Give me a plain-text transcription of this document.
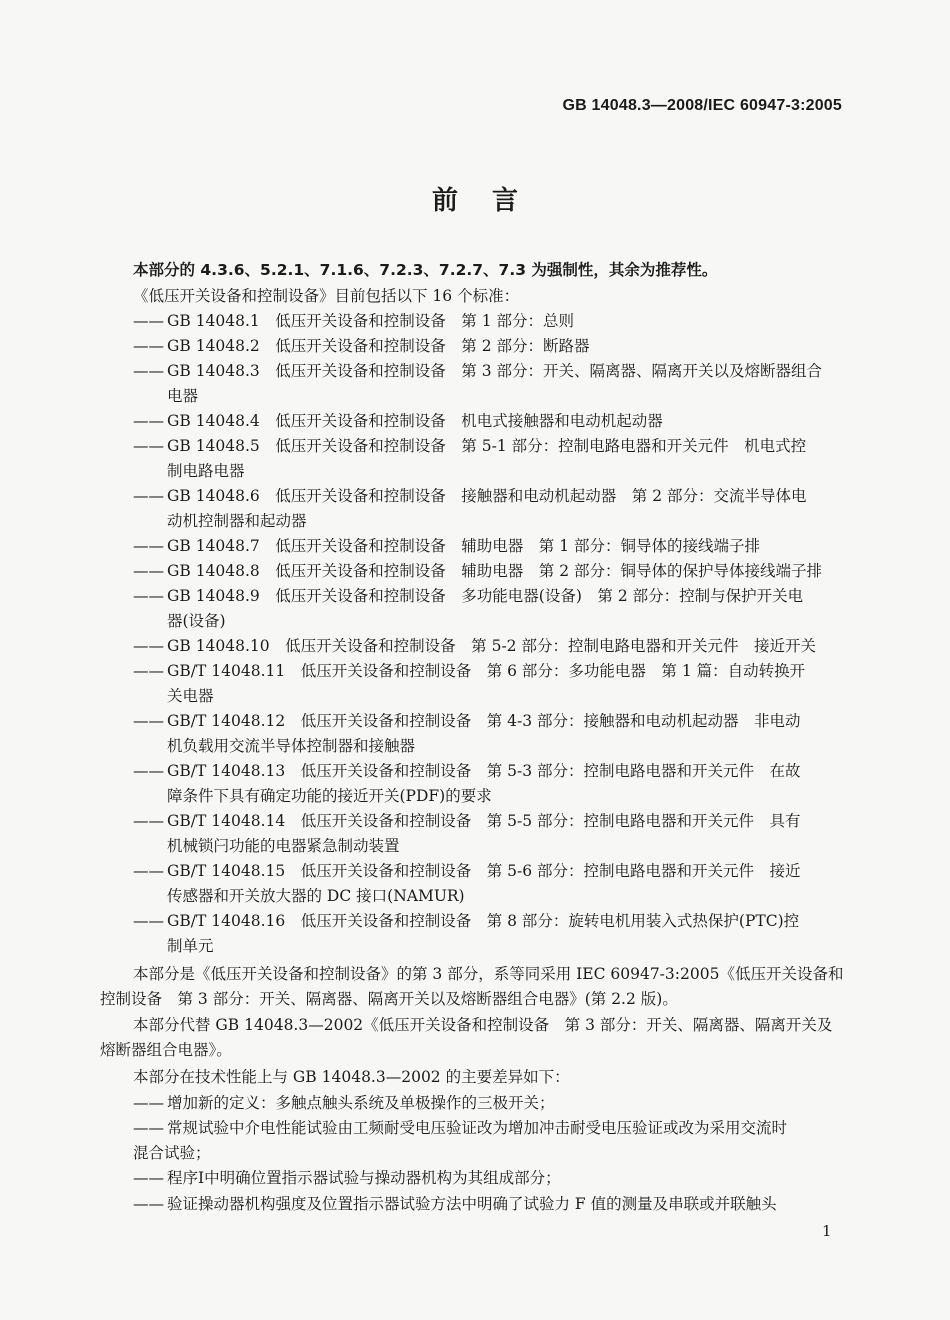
GB 14048.3—2008/IEC 60947-3:2005
前言
本部分的 4.3.6、5.2.1、7.1.6、7.2.3、7.2.7、7.3 为强制性，其余为推荐性。
《低压开关设备和控制设备》目前包括以下 16 个标准：
—— GB 14048.1　低压开关设备和控制设备　第 1 部分：总则
—— GB 14048.2　低压开关设备和控制设备　第 2 部分：断路器
—— GB 14048.3　低压开关设备和控制设备　第 3 部分：开关、隔离器、隔离开关以及熔断器组合
电器
—— GB 14048.4　低压开关设备和控制设备　机电式接触器和电动机起动器
—— GB 14048.5　低压开关设备和控制设备　第 5-1 部分：控制电路电器和开关元件　机电式控
制电路电器
—— GB 14048.6　低压开关设备和控制设备　接触器和电动机起动器　第 2 部分：交流半导体电
动机控制器和起动器
—— GB 14048.7　低压开关设备和控制设备　辅助电器　第 1 部分：铜导体的接线端子排
—— GB 14048.8　低压开关设备和控制设备　辅助电器　第 2 部分：铜导体的保护导体接线端子排
—— GB 14048.9　低压开关设备和控制设备　多功能电器(设备)　第 2 部分：控制与保护开关电
器(设备)
—— GB 14048.10　低压开关设备和控制设备　第 5-2 部分：控制电路电器和开关元件　接近开关
—— GB/T 14048.11　低压开关设备和控制设备　第 6 部分：多功能电器　第 1 篇：自动转换开
关电器
—— GB/T 14048.12　低压开关设备和控制设备　第 4-3 部分：接触器和电动机起动器　非电动
机负载用交流半导体控制器和接触器
—— GB/T 14048.13　低压开关设备和控制设备　第 5-3 部分：控制电路电器和开关元件　在故
障条件下具有确定功能的接近开关(PDF)的要求
—— GB/T 14048.14　低压开关设备和控制设备　第 5-5 部分：控制电路电器和开关元件　具有
机械锁闩功能的电器紧急制动装置
—— GB/T 14048.15　低压开关设备和控制设备　第 5-6 部分：控制电路电器和开关元件　接近
传感器和开关放大器的 DC 接口(NAMUR)
—— GB/T 14048.16　低压开关设备和控制设备　第 8 部分：旋转电机用装入式热保护(PTC)控
制单元
本部分是《低压开关设备和控制设备》的第 3 部分，系等同采用 IEC 60947-3:2005《低压开关设备和
控制设备　第 3 部分：开关、隔离器、隔离开关以及熔断器组合电器》(第 2.2 版)。
本部分代替 GB 14048.3—2002《低压开关设备和控制设备　第 3 部分：开关、隔离器、隔离开关及
熔断器组合电器》。
本部分在技术性能上与 GB 14048.3—2002 的主要差异如下：
—— 增加新的定义：多触点触头系统及单极操作的三极开关；
—— 常规试验中介电性能试验由工频耐受电压验证改为增加冲击耐受电压验证或改为采用交流时
混合试验；
—— 程序Ⅰ中明确位置指示器试验与操动器机构为其组成部分；
—— 验证操动器机构强度及位置指示器试验方法中明确了试验力 F 值的测量及串联或并联触头
1
